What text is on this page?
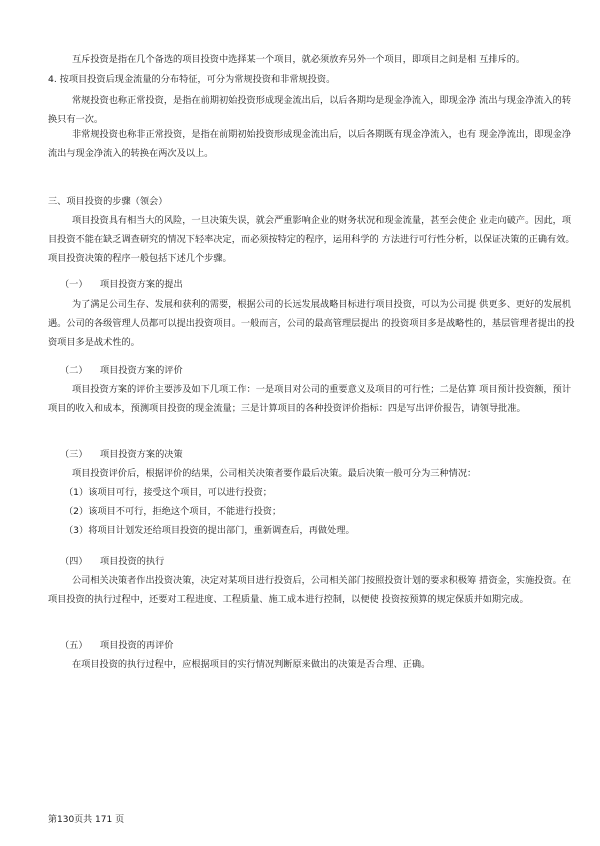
互斥投资是指在几个备选的项目投资中选择某一个项目，就必须放弃另外一个项目，即项目之间是相 互排斥的。
4. 按项目投资后现金流量的分布特征，可分为常规投资和非常规投资。
常规投资也称正常投资，是指在前期初始投资形成现金流出后，以后各期均是现金净流入，即现金净 流出与现金净流入的转换只有一次。
非常规投资也称非正常投资，是指在前期初始投资形成现金流出后，以后各期既有现金净流入，也有 现金净流出，即现金净流出与现金净流入的转换在两次及以上。
三、项目投资的步骤（领会）
项目投资具有相当大的风险，一旦决策失误，就会严重影响企业的财务状况和现金流量，甚至会使企 业走向破产。因此，项目投资不能在缺乏调查研究的情况下轻率决定，而必须按特定的程序，运用科学的 方法进行可行性分析，以保证决策的正确有效。项目投资决策的程序一般包括下述几个步骤。
（一） 项目投资方案的提出
为了满足公司生存、发展和获利的需要，根据公司的长远发展战略目标进行项目投资，可以为公司提 供更多、更好的发展机遇。公司的各级管理人员都可以提出投资项目。一般而言，公司的最高管理层提出 的投资项目多是战略性的，基层管理者提出的投资项目多是战术性的。
（二） 项目投资方案的评价
项目投资方案的评价主要涉及如下几项工作：一是项目对公司的重要意义及项目的可行性；二是估算 项目预计投资额，预计项目的收入和成本，预测项目投资的现金流量；三是计算项目的各种投资评价指标：四是写出评价报告，请领导批准。
（三） 项目投资方案的决策
项目投资评价后，根据评价的结果，公司相关决策者要作最后决策。最后决策一般可分为三种情况：
（1）该项目可行，接受这个项目，可以进行投资；
（2）该项目不可行，拒绝这个项目，不能进行投资；
（3）将项目计划发还给项目投资的提出部门，重新调查后，再做处理。
（四） 项目投资的执行
公司相关决策者作出投资决策，决定对某项目进行投资后，公司相关部门按照投资计划的要求积极筹 措资金，实施投资。在项目投资的执行过程中，还要对工程进度、工程质量、施工成本进行控制，以便使 投资按预算的规定保质并如期完成。
（五） 项目投资的再评价
在项目投资的执行过程中，应根据项目的实行情况判断原来做出的决策是否合理、正确。
第130页共 171 页
